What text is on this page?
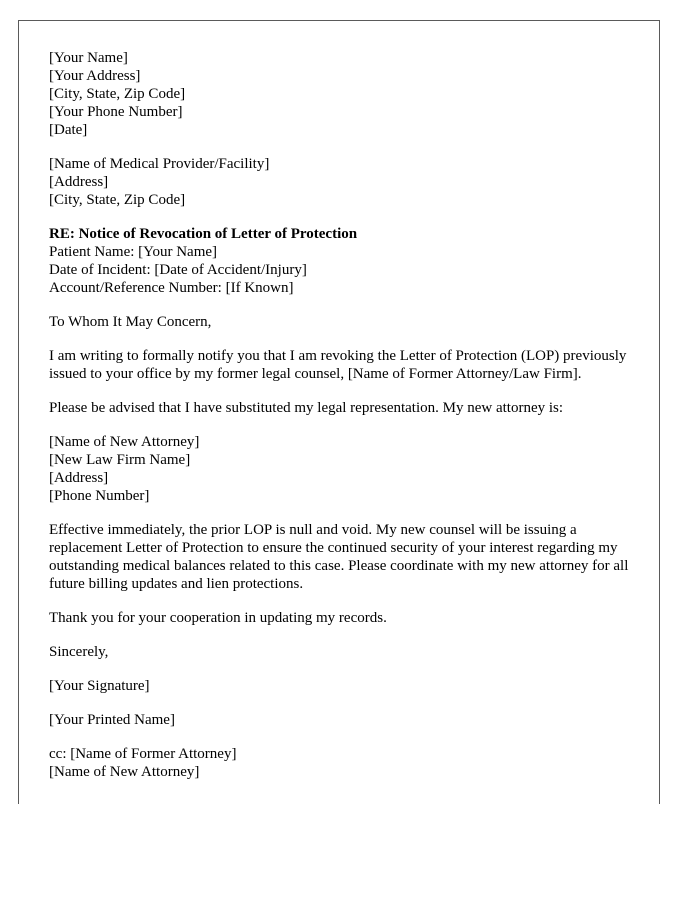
[Your Name]
[Your Address]
[City, State, Zip Code]
[Your Phone Number]
[Date]
[Name of Medical Provider/Facility]
[Address]
[City, State, Zip Code]
RE: Notice of Revocation of Letter of Protection
Patient Name: [Your Name]
Date of Incident: [Date of Accident/Injury]
Account/Reference Number: [If Known]

To Whom It May Concern,

I am writing to formally notify you that I am revoking the Letter of Protection (LOP) previously issued to your office by my former legal counsel, [Name of Former Attorney/Law Firm].

Please be advised that I have substituted my legal representation. My new attorney is:

[Name of New Attorney]
[New Law Firm Name]
[Address]
[Phone Number]

Effective immediately, the prior LOP is null and void. My new counsel will be issuing a replacement Letter of Protection to ensure the continued security of your interest regarding my outstanding medical balances related to this case. Please coordinate with my new attorney for all future billing updates and lien protections.

Thank you for your cooperation in updating my records.

Sincerely,

[Your Signature]

[Your Printed Name]

cc: [Name of Former Attorney]
[Name of New Attorney]
